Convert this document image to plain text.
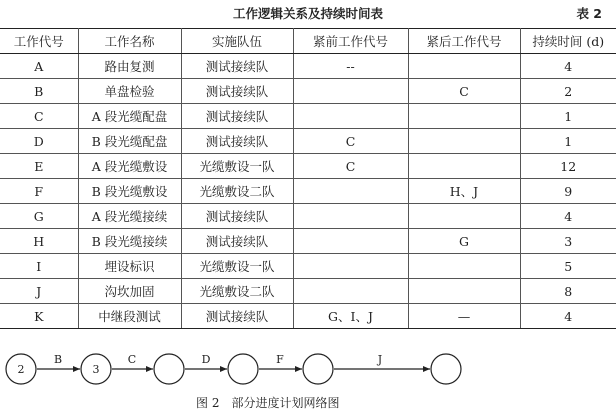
工作逻辑关系及持续时间表	表 2
工作代号	工作名称	实施队伍	紧前工作代号	紧后工作代号	持续时间 (d)
A	路由复测	测试接续队	--		4
B	单盘检验	测试接续队		C	2
C	A 段光缆配盘	测试接续队			1
D	B 段光缆配盘	测试接续队	C		1
E	A 段光缆敷设	光缆敷设一队	C		12
F	B 段光缆敷设	光缆敷设二队		H、J	9
G	A 段光缆接续	测试接续队			4
H	B 段光缆接续	测试接续队		G	3
I	埋设标识	光缆敷设一队			5
J	沟坎加固	光缆敷设二队			8
K	中继段测试	测试接续队	G、I、J	—	4
B	C	D	F	J
2	3
图 2　部分进度计划网络图
